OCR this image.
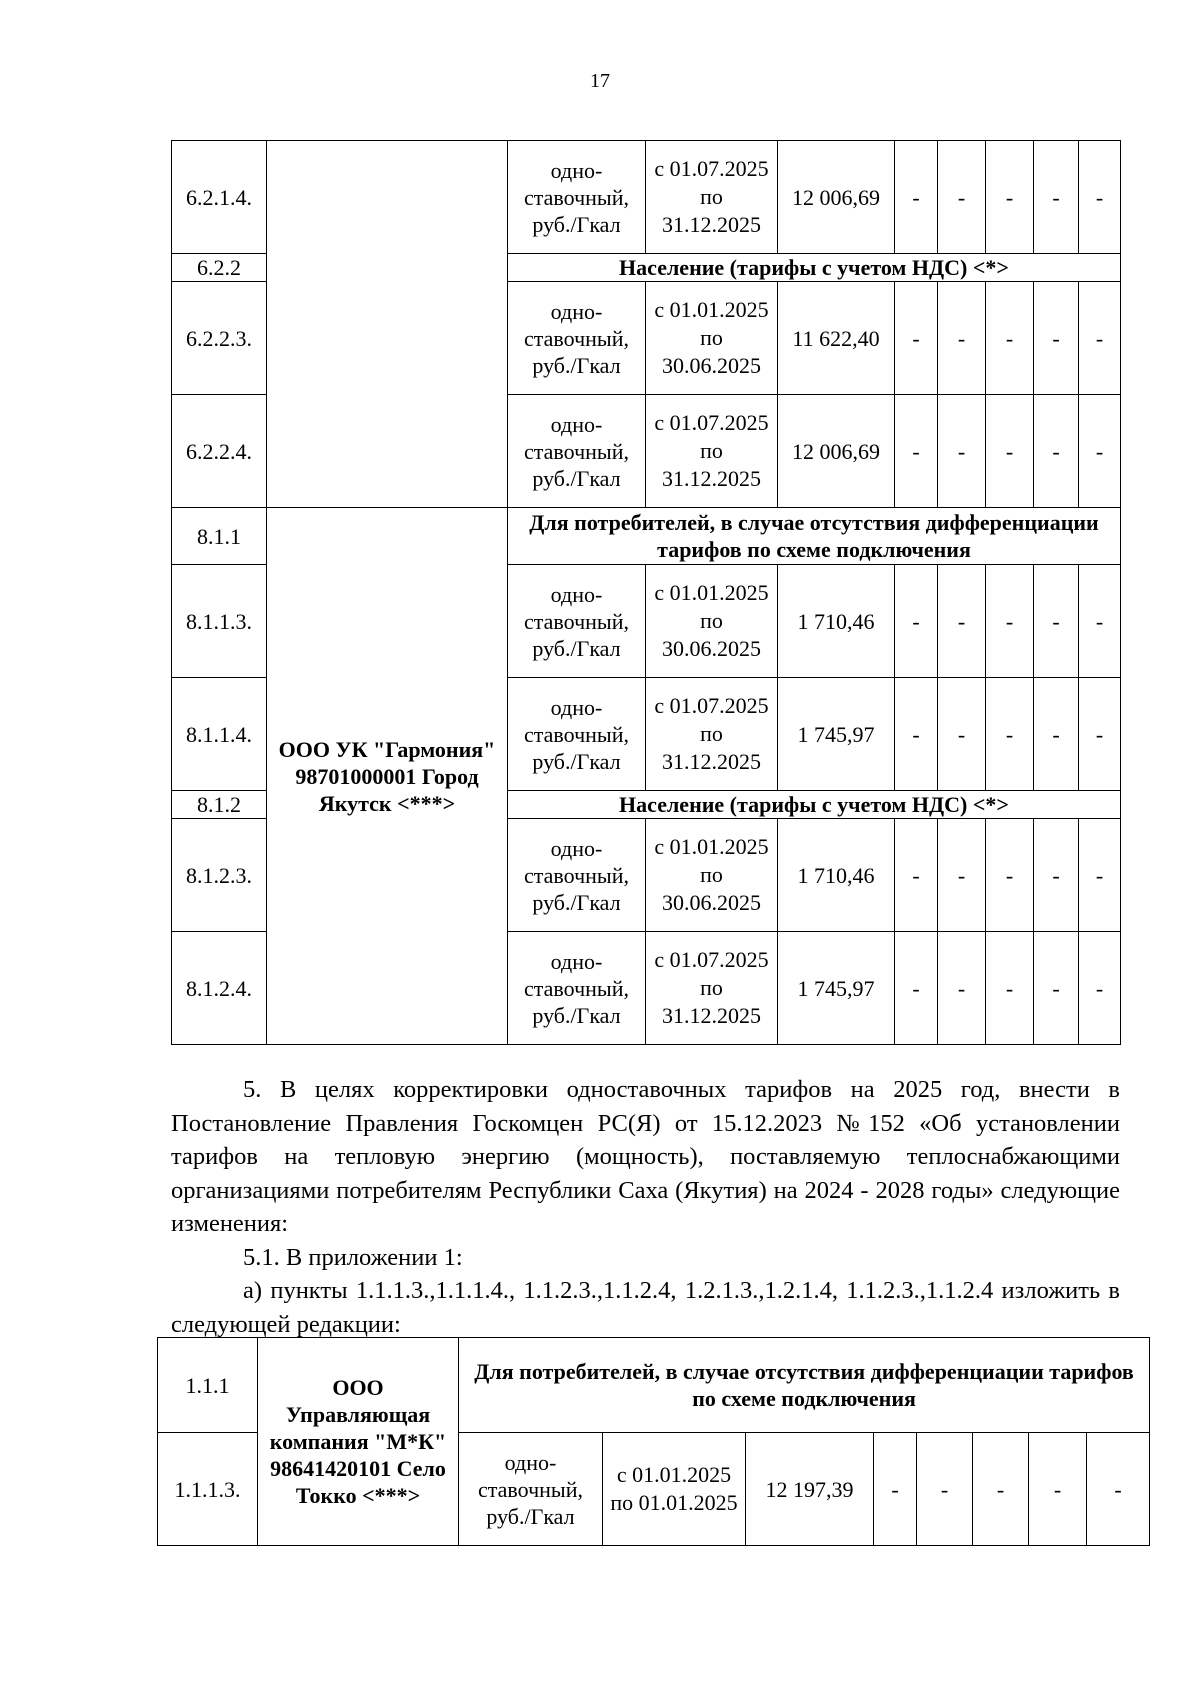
17
6.2.1.4.		одно-ставочный, руб./Гкал	с 01.07.2025 по 31.12.2025	12 006,69	-	-	-	-	-
6.2.2		Население (тарифы с учетом НДС) <*>							
6.2.2.3.		одно-ставочный, руб./Гкал	с 01.01.2025 по 30.06.2025	11 622,40	-	-	-	-	-
6.2.2.4.		одно-ставочный, руб./Гкал	с 01.07.2025 по 31.12.2025	12 006,69	-	-	-	-	-
8.1.1	ООО УК "Гармония" 98701000001 Город Якутск <***>	Для потребителей, в случае отсутствия дифференциации тарифов по схеме подключения							
8.1.1.3.		одно-ставочный, руб./Гкал	с 01.01.2025 по 30.06.2025	1 710,46	-	-	-	-	-
8.1.1.4.		одно-ставочный, руб./Гкал	с 01.07.2025 по 31.12.2025	1 745,97	-	-	-	-	-
8.1.2		Население (тарифы с учетом НДС) <*>							
8.1.2.3.		одно-ставочный, руб./Гкал	с 01.01.2025 по 30.06.2025	1 710,46	-	-	-	-	-
8.1.2.4.		одно-ставочный, руб./Гкал	с 01.07.2025 по 31.12.2025	1 745,97	-	-	-	-	-

5. В целях корректировки одноставочных тарифов на 2025 год, внести в Постановление Правления Госкомцен РС(Я) от 15.12.2023 №152 «Об установлении тарифов на тепловую энергию (мощность), поставляемую теплоснабжающими организациями потребителям Республики Саха (Якутия) на 2024 - 2028 годы» следующие изменения:

5.1. В приложении 1:

а) пункты 1.1.1.3.,1.1.1.4., 1.1.2.3.,1.1.2.4, 1.2.1.3.,1.2.1.4, 1.1.2.3.,1.1.2.4 изложить в следующей редакции:

1.1.1	ООО Управляющая компания "М*К" 98641420101 Село Токко <***>	Для потребителей, в случае отсутствия дифференциации тарифов по схеме подключения							
1.1.1.3.		одно-ставочный, руб./Гкал	с 01.01.2025 по 01.01.2025	12 197,39	-	-	-	-	-
